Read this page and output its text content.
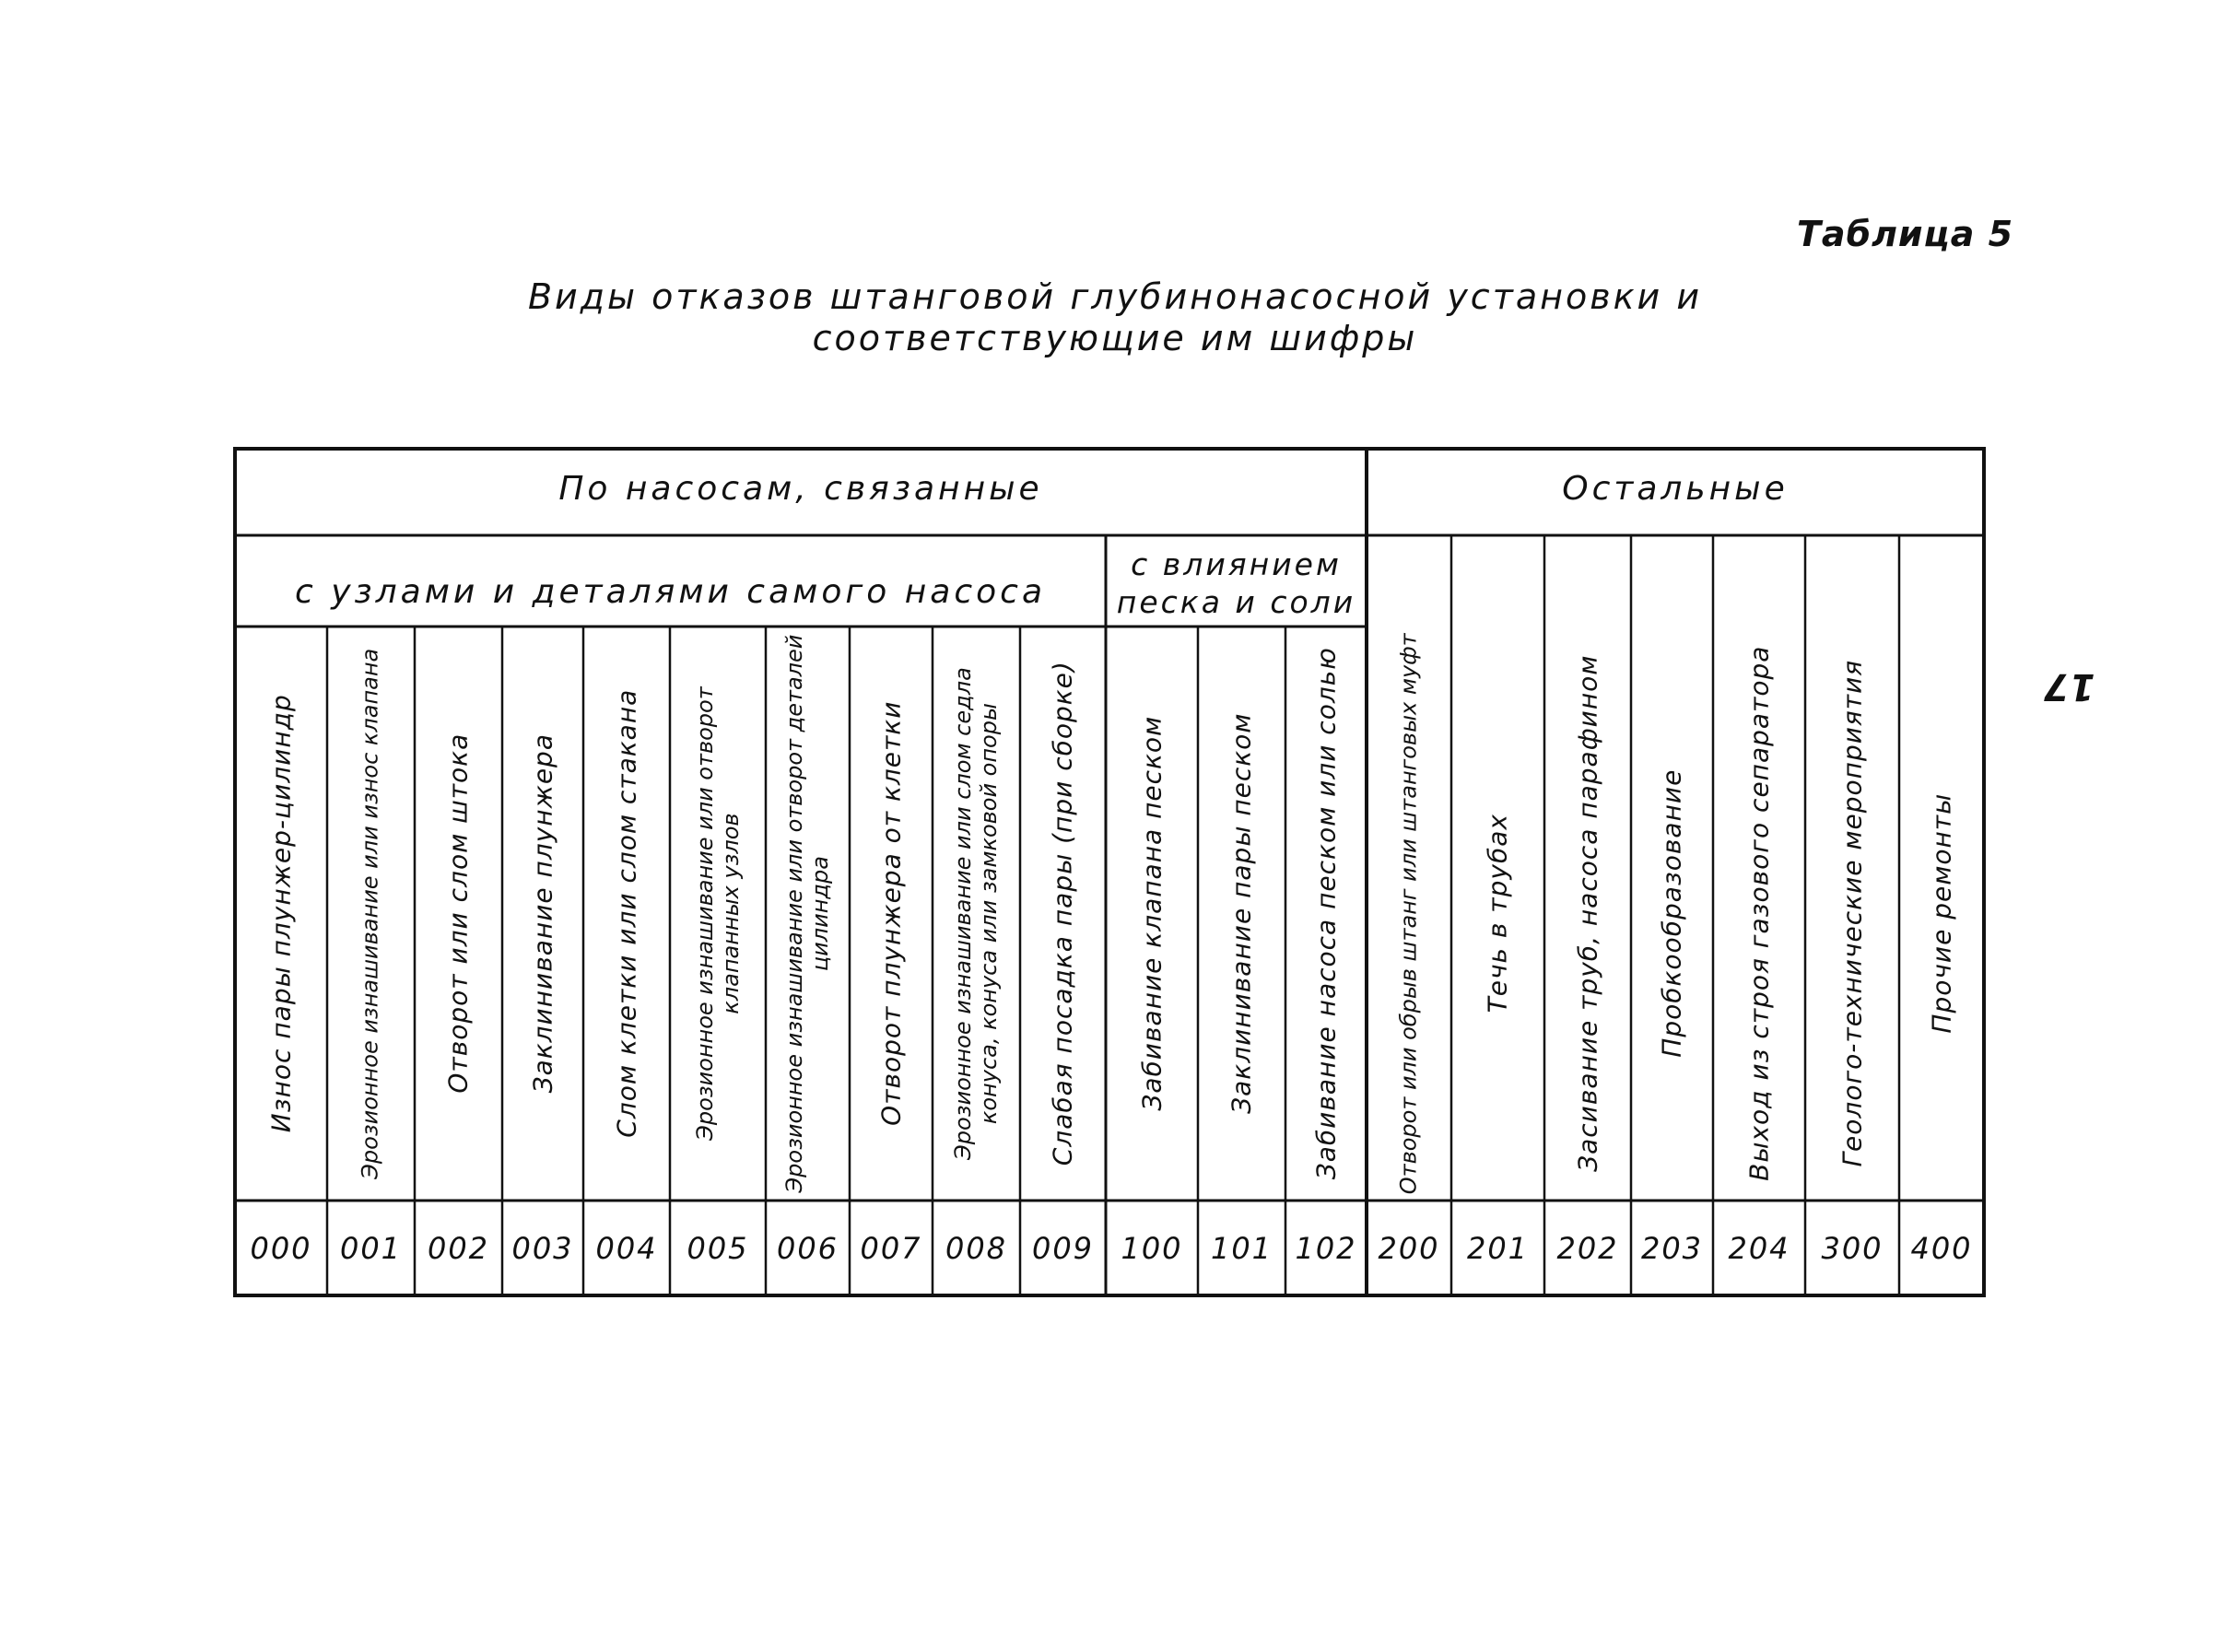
Таблица 5
Виды отказов штанговой глубинонасосной установки и
соответствующие им шифры
17
По насосам, связанные	Остальные
с узлами и деталями самого насоса
с влиянием песка и соли
Износ пары плунжер-цилиндр
000
Эрозионное изнашивание или износ клапана
001
Отворот или слом штока
002
Заклинивание плунжера
003
Слом клетки или слом стакана
004
Эрозионное изнашивание или отворот клапанных узлов
005
Эрозионное изнашивание или отворот деталей цилиндра
006
Отворот плунжера от клетки
007
Эрозионное изнашивание или слом седла конуса, конуса или замковой опоры
008
Слабая посадка пары (при сборке)
009
Забивание клапана песком
100
Заклинивание пары песком
101
Забивание насоса песком или солью
102
Отворот или обрыв штанг или штанговых муфт
200
Течь в трубах
201
Засивание труб, насоса парафином
202
Пробкообразование
203
Выход из строя газового сепаратора
204
Геолого-технические мероприятия
300
Прочие ремонты
400
